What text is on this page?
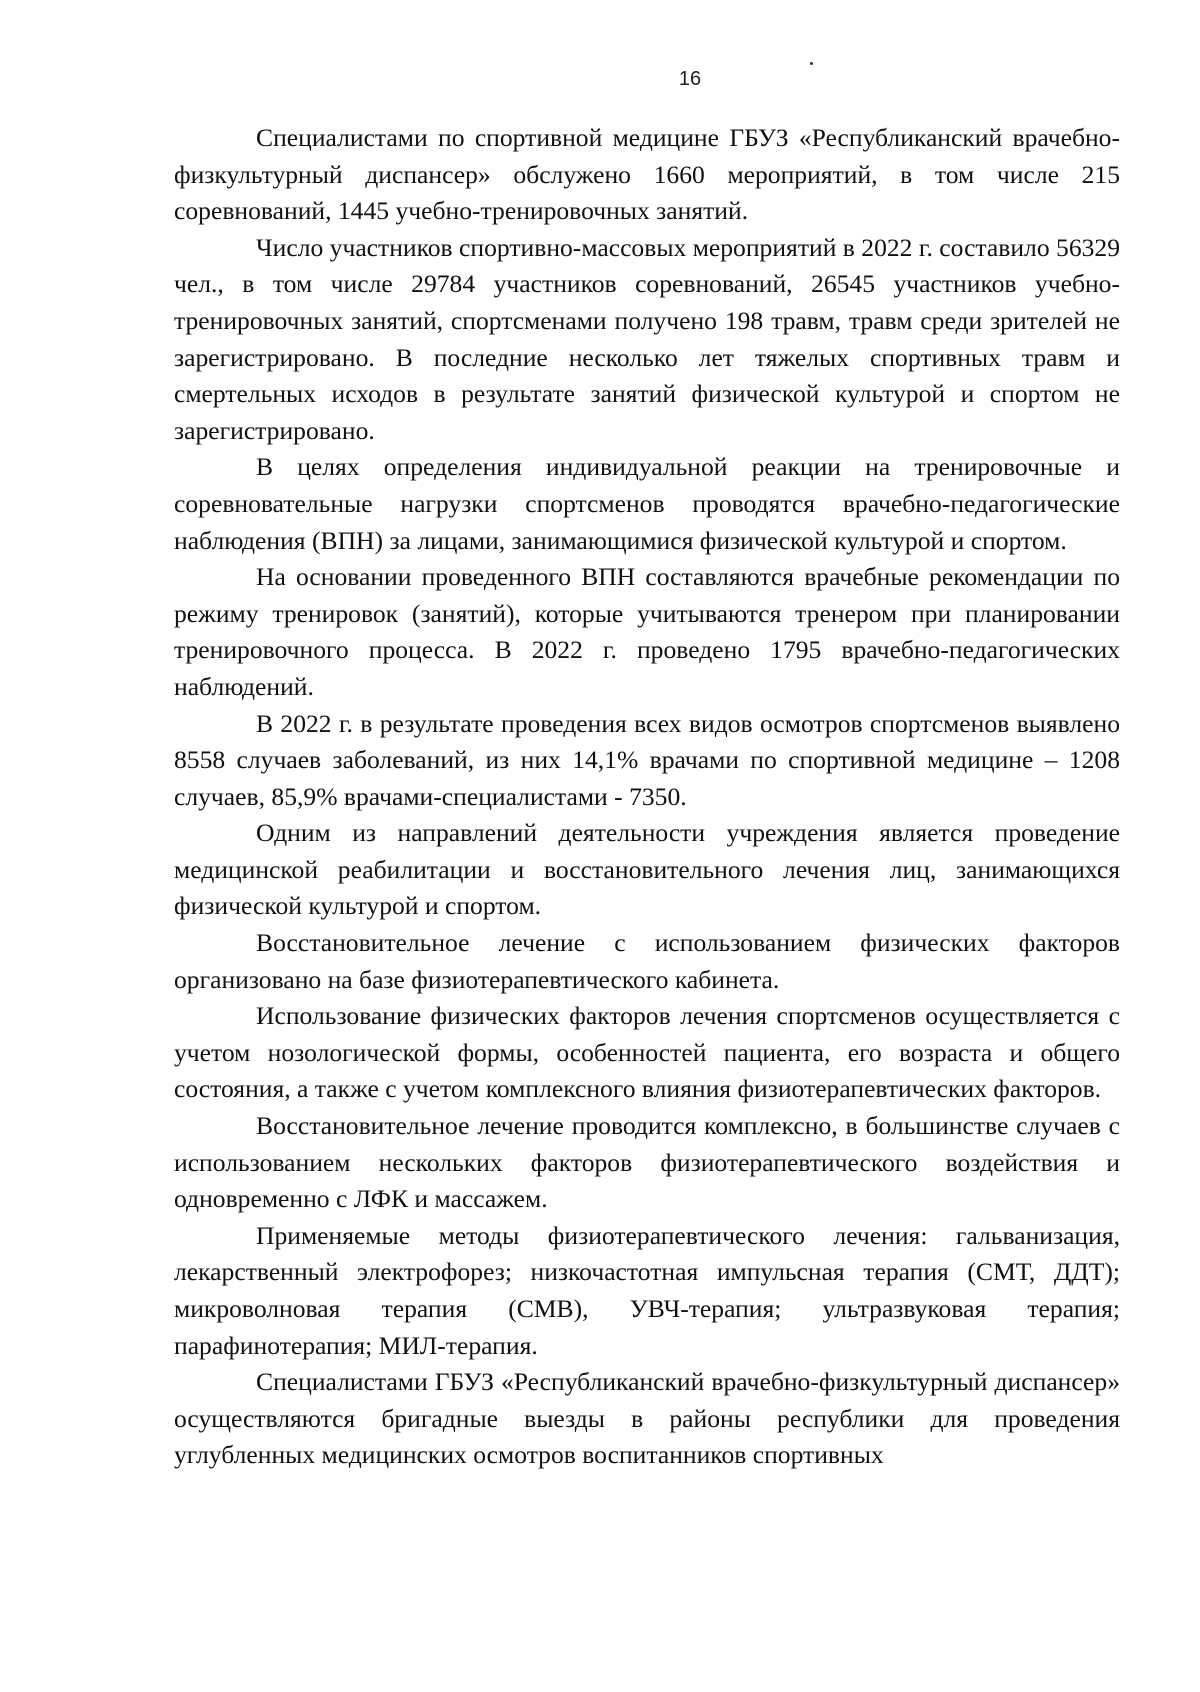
16

Специалистами по спортивной медицине ГБУЗ «Республиканский врачебно-физкультурный диспансер» обслужено 1660 мероприятий, в том числе 215 соревнований, 1445 учебно-тренировочных занятий.

Число участников спортивно-массовых мероприятий в 2022 г. составило 56329 чел., в том числе 29784 участников соревнований, 26545 участников учебно-тренировочных занятий, спортсменами получено 198 травм, травм среди зрителей не зарегистрировано. В последние несколько лет тяжелых спортивных травм и смертельных исходов в результате занятий физической культурой и спортом не зарегистрировано.

В целях определения индивидуальной реакции на тренировочные и соревновательные нагрузки спортсменов проводятся врачебно-педагогические наблюдения (ВПН) за лицами, занимающимися физической культурой и спортом.

На основании проведенного ВПН составляются врачебные рекомендации по режиму тренировок (занятий), которые учитываются тренером при планировании тренировочного процесса. В 2022 г. проведено 1795 врачебно-педагогических наблюдений.

В 2022 г. в результате проведения всех видов осмотров спортсменов выявлено 8558 случаев заболеваний, из них 14,1% врачами по спортивной медицине – 1208 случаев, 85,9% врачами-специалистами - 7350.

Одним из направлений деятельности учреждения является проведение медицинской реабилитации и восстановительного лечения лиц, занимающихся физической культурой и спортом.

Восстановительное лечение с использованием физических факторов организовано на базе физиотерапевтического кабинета.

Использование физических факторов лечения спортсменов осуществляется с учетом нозологической формы, особенностей пациента, его возраста и общего состояния, а также с учетом комплексного влияния физиотерапевтических факторов.

Восстановительное лечение проводится комплексно, в большинстве случаев с использованием нескольких факторов физиотерапевтического воздействия и одновременно с ЛФК и массажем.

Применяемые методы физиотерапевтического лечения: гальванизация, лекарственный электрофорез; низкочастотная импульсная терапия (СМТ, ДДТ); микроволновая терапия (СМВ), УВЧ-терапия; ультразвуковая терапия; парафинотерапия; МИЛ-терапия.

Специалистами ГБУЗ «Республиканский врачебно-физкультурный диспансер» осуществляются бригадные выезды в районы республики для проведения углубленных медицинских осмотров воспитанников спортивных
